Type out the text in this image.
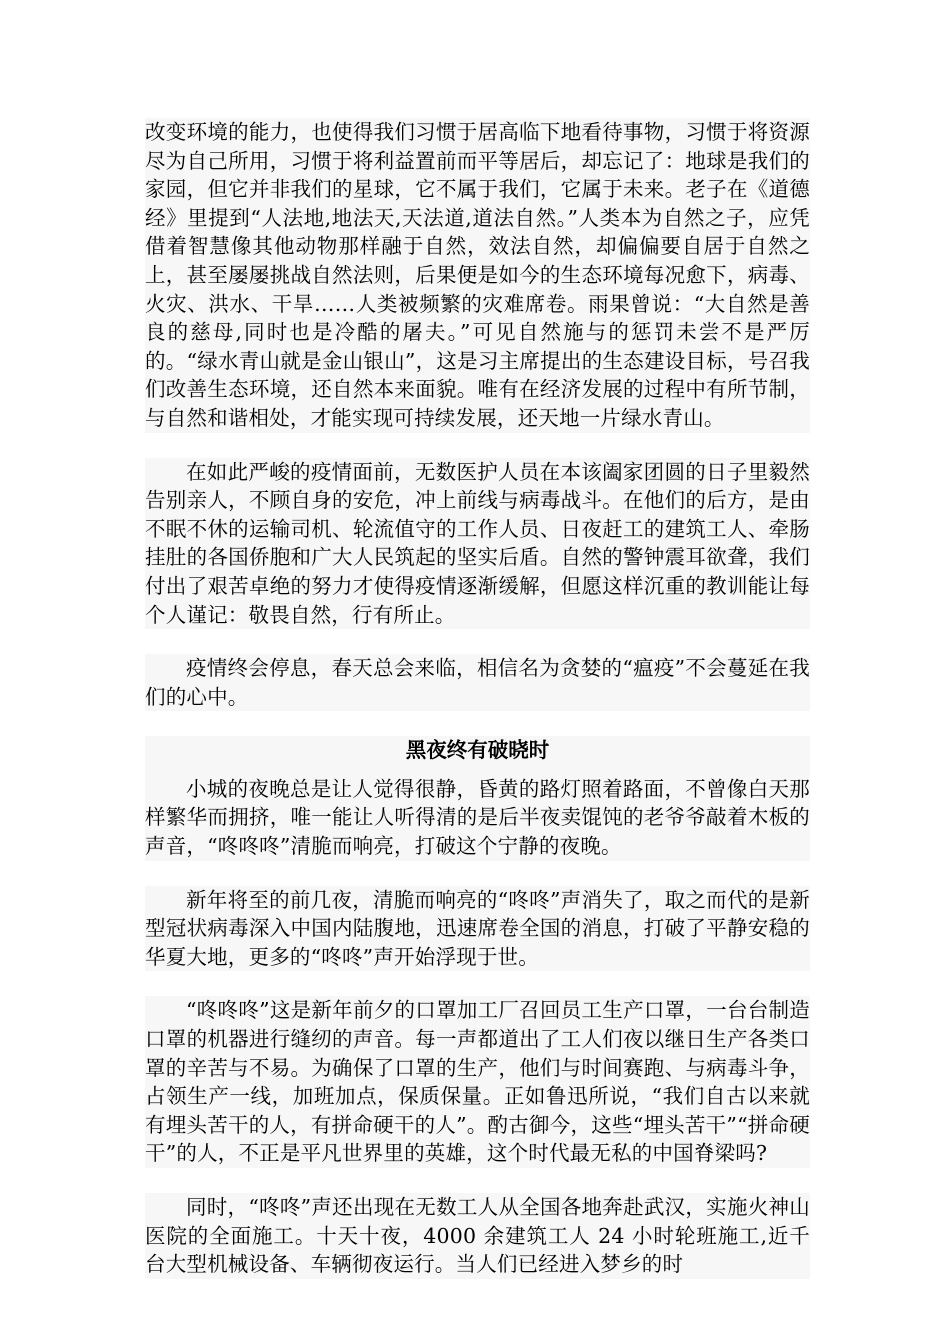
改变环境的能力，也使得我们习惯于居高临下地看待事物，习惯于将资源尽为自己所用，习惯于将利益置前而平等居后，却忘记了：地球是我们的家园，但它并非我们的星球，它不属于我们，它属于未来。老子在《道德经》里提到“人法地,地法天,天法道,道法自然。”人类本为自然之子，应凭借着智慧像其他动物那样融于自然，效法自然，却偏偏要自居于自然之上，甚至屡屡挑战自然法则，后果便是如今的生态环境每况愈下，病毒、火灾、洪水、干旱……人类被频繁的灾难席卷。雨果曾说：“大自然是善良的慈母,同时也是冷酷的屠夫。”可见自然施与的惩罚未尝不是严厉的。“绿水青山就是金山银山”，这是习主席提出的生态建设目标，号召我们改善生态环境，还自然本来面貌。唯有在经济发展的过程中有所节制，与自然和谐相处，才能实现可持续发展，还天地一片绿水青山。

在如此严峻的疫情面前，无数医护人员在本该阖家团圆的日子里毅然告别亲人，不顾自身的安危，冲上前线与病毒战斗。在他们的后方，是由不眠不休的运输司机、轮流值守的工作人员、日夜赶工的建筑工人、牵肠挂肚的各国侨胞和广大人民筑起的坚实后盾。自然的警钟震耳欲聋，我们付出了艰苦卓绝的努力才使得疫情逐渐缓解，但愿这样沉重的教训能让每个人谨记：敬畏自然，行有所止。

疫情终会停息，春天总会来临，相信名为贪婪的“瘟疫”不会蔓延在我们的心中。

黑夜终有破晓时

小城的夜晚总是让人觉得很静，昏黄的路灯照着路面，不曾像白天那样繁华而拥挤，唯一能让人听得清的是后半夜卖馄饨的老爷爷敲着木板的声音，“咚咚咚”清脆而响亮，打破这个宁静的夜晚。

新年将至的前几夜，清脆而响亮的“咚咚”声消失了，取之而代的是新型冠状病毒深入中国内陆腹地，迅速席卷全国的消息，打破了平静安稳的华夏大地，更多的“咚咚”声开始浮现于世。

“咚咚咚”这是新年前夕的口罩加工厂召回员工生产口罩，一台台制造口罩的机器进行缝纫的声音。每一声都道出了工人们夜以继日生产各类口罩的辛苦与不易。为确保了口罩的生产，他们与时间赛跑、与病毒斗争，占领生产一线，加班加点，保质保量。正如鲁迅所说，“我们自古以来就有埋头苦干的人，有拼命硬干的人”。酌古御今，这些“埋头苦干”“拼命硬干”的人，不正是平凡世界里的英雄，这个时代最无私的中国脊梁吗?

同时，“咚咚”声还出现在无数工人从全国各地奔赴武汉，实施火神山医院的全面施工。十天十夜，4000 余建筑工人 24 小时轮班施工,近千台大型机械设备、车辆彻夜运行。当人们已经进入梦乡的时
